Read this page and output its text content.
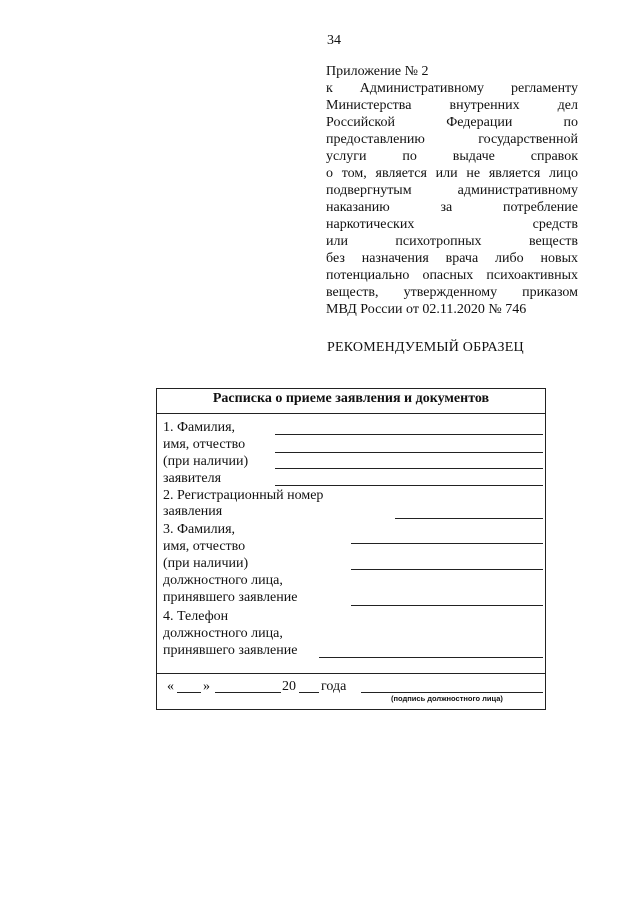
34
Приложение № 2
к Административному регламенту
Министерства внутренних дел
Российской Федерации по
предоставлению государственной
услуги по выдаче справок
о том, является или не является лицо
подвергнутым административному
наказанию за потребление
наркотических средств
или психотропных веществ
без назначения врача либо новых
потенциально опасных психоактивных
веществ, утвержденному приказом
МВД России от 02.11.2020 № 746
РЕКОМЕНДУЕМЫЙ ОБРАЗЕЦ
Расписка о приеме заявления и документов
1. Фамилия,
имя, отчество
(при наличии)
заявителя
2. Регистрационный номер
заявления
3. Фамилия,
имя, отчество
(при наличии)
должностного лица,
принявшего заявление
4. Телефон
должностного лица,
принявшего заявление
« »	20 года
(подпись должностного лица)
